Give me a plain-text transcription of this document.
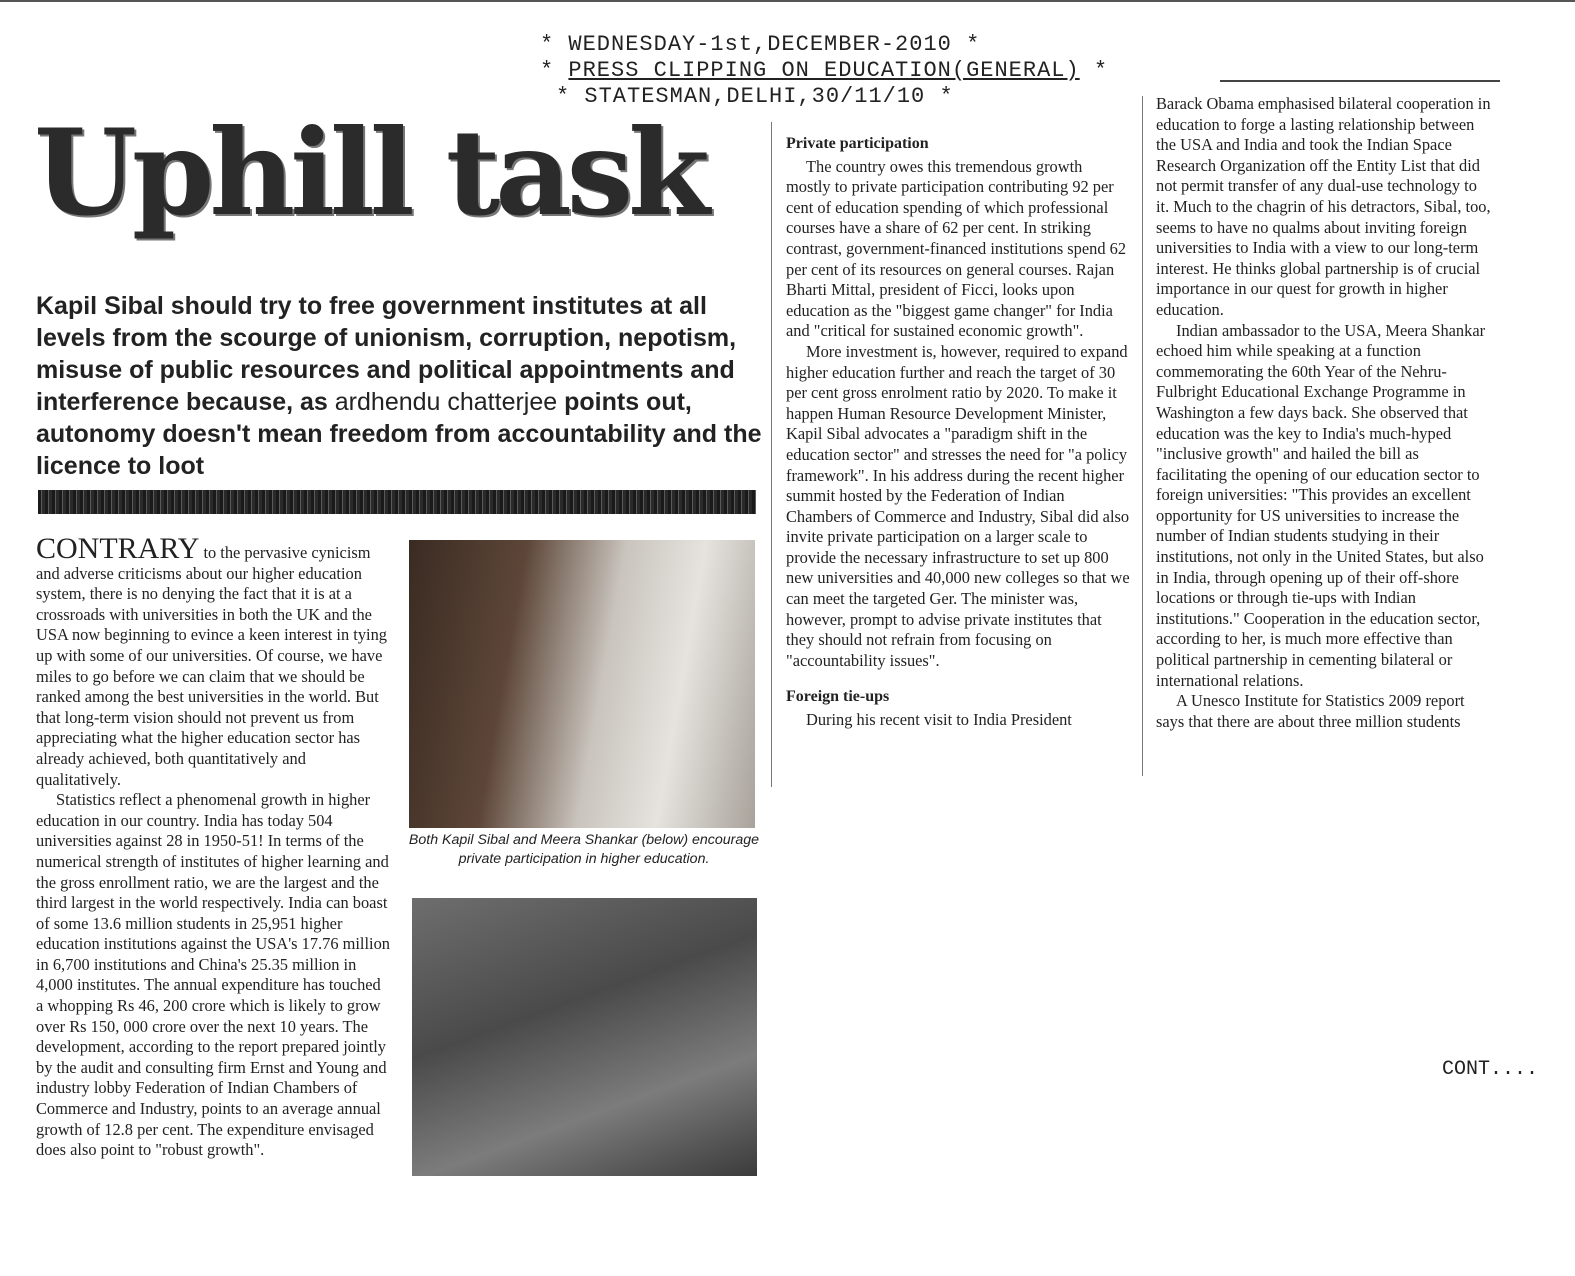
* WEDNESDAY-1st,DECEMBER-2010 *
* PRESS CLIPPING ON EDUCATION(GENERAL) *
* STATESMAN,DELHI,30/11/10 *
Uphill task

Kapil Sibal should try to free government institutes at all levels from the scourge of unionism, corruption, nepotism, misuse of public resources and political appointments and interference because, as ardhendu chatterjee points out, autonomy doesn't mean freedom from accountability and the licence to loot

CONTRARY to the pervasive cynicism and adverse criticisms about our higher education system, there is no denying the fact that it is at a crossroads with universities in both the UK and the USA now beginning to evince a keen interest in tying up with some of our universities. Of course, we have miles to go before we can claim that we should be ranked among the best universities in the world. But that long-term vision should not prevent us from appreciating what the higher education sector has already achieved, both quantitatively and qualitatively.

Statistics reflect a phenomenal growth in higher education in our country. India has today 504 universities against 28 in 1950-51! In terms of the numerical strength of institutes of higher learning and the gross enrollment ratio, we are the largest and the third largest in the world respectively. India can boast of some 13.6 million students in 25,951 higher education institutions against the USA's 17.76 million in 6,700 institutions and China's 25.35 million in 4,000 institutes. The annual expenditure has touched a whopping Rs 46, 200 crore which is likely to grow over Rs 150, 000 crore over the next 10 years. The development, according to the report prepared jointly by the audit and consulting firm Ernst and Young and industry lobby Federation of Indian Chambers of Commerce and Industry, points to an average annual growth of 12.8 per cent. The expenditure envisaged does also point to "robust growth".

Both Kapil Sibal and Meera Shankar (below) encourage private participation in higher education.
Private participation

The country owes this tremendous growth mostly to private participation contributing 92 per cent of education spending of which professional courses have a share of 62 per cent. In striking contrast, government-financed institutions spend 62 per cent of its resources on general courses. Rajan Bharti Mittal, president of Ficci, looks upon education as the "biggest game changer" for India and "critical for sustained economic growth".

More investment is, however, required to expand higher education further and reach the target of 30 per cent gross enrolment ratio by 2020. To make it happen Human Resource Development Minister, Kapil Sibal advocates a "paradigm shift in the education sector" and stresses the need for "a policy framework". In his address during the recent higher summit hosted by the Federation of Indian Chambers of Commerce and Industry, Sibal did also invite private participation on a larger scale to provide the necessary infrastructure to set up 800 new universities and 40,000 new colleges so that we can meet the targeted Ger. The minister was, however, prompt to advise private institutes that they should not refrain from focusing on "accountability issues".

Foreign tie-ups

During his recent visit to India President

Barack Obama emphasised bilateral cooperation in education to forge a lasting relationship between the USA and India and took the Indian Space Research Organization off the Entity List that did not permit transfer of any dual-use technology to it. Much to the chagrin of his detractors, Sibal, too, seems to have no qualms about inviting foreign universities to India with a view to our long-term interest. He thinks global partnership is of crucial importance in our quest for growth in higher education.

Indian ambassador to the USA, Meera Shankar echoed him while speaking at a function commemorating the 60th Year of the Nehru-Fulbright Educational Exchange Programme in Washington a few days back. She observed that education was the key to India's much-hyped "inclusive growth" and hailed the bill as facilitating the opening of our education sector to foreign universities: "This provides an excellent opportunity for US universities to increase the number of Indian students studying in their institutions, not only in the United States, but also in India, through opening up of their off-shore locations or through tie-ups with Indian institutions." Cooperation in the education sector, according to her, is much more effective than political partnership in cementing bilateral or international relations.

A Unesco Institute for Statistics 2009 report says that there are about three million students

CONT....
